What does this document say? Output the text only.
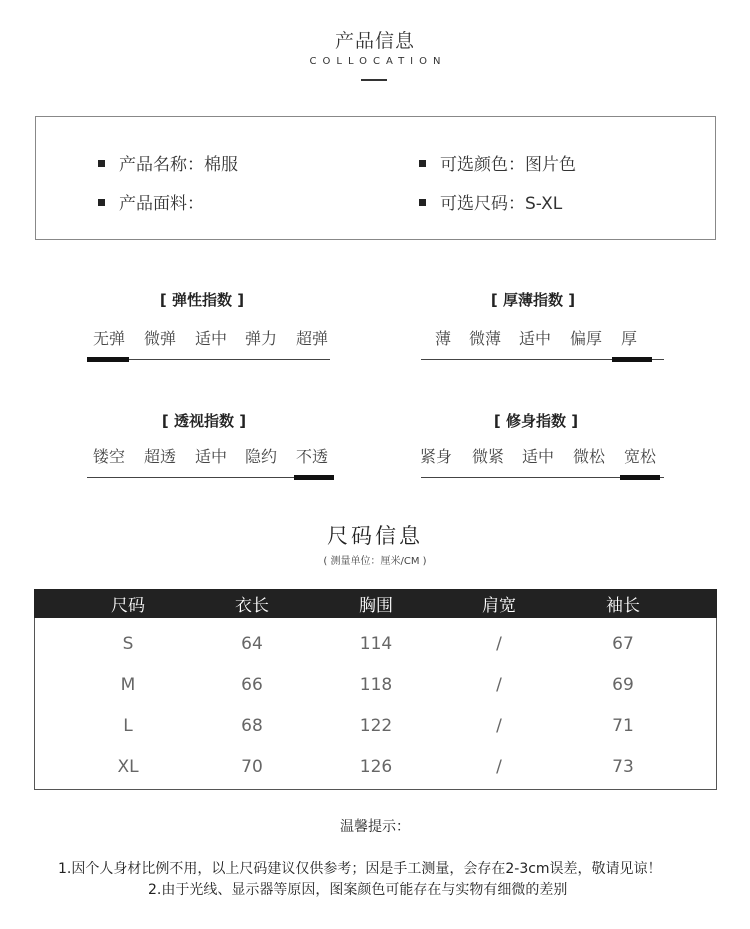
产品信息
COLLOCATION
产品名称：棉服
产品面料：
可选颜色：图片色
可选尺码：S-XL
[ 弹性指数 ]
无弹	微弹	适中	弹力	超弹
[ 厚薄指数 ]
薄	微薄	适中	偏厚	厚
[ 透视指数 ]
镂空	超透	适中	隐约	不透
[ 修身指数 ]
紧身	微紧	适中	微松	宽松
尺码信息
( 测量单位：厘米/CM )
尺码	衣长	胸围	肩宽	袖长
S	64	114	/	67
M	66	118	/	69
L	68	122	/	71
XL	70	126	/	73
温馨提示：
1.因个人身材比例不用，以上尺码建议仅供参考；因是手工测量，会存在2-3cm误差，敬请见谅！
2.由于光线、显示器等原因，图案颜色可能存在与实物有细微的差别
